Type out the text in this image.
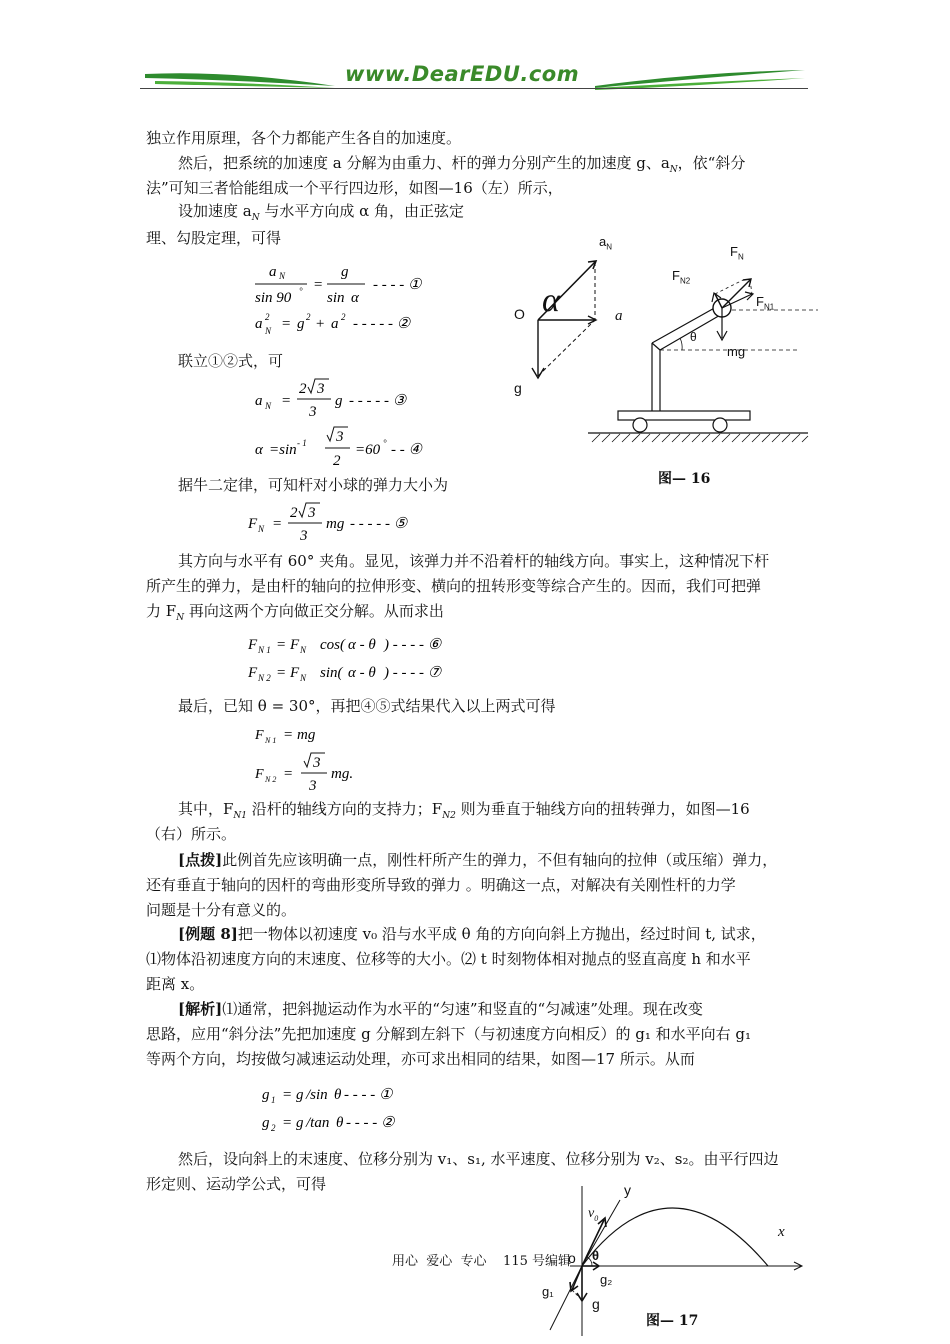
www.DearEDU.com
独立作用原理，各个力都能产生各自的加速度。
然后，把系统的加速度 a 分解为由重力、杆的弹力分别产生的加速度 g、$a_N$，依“斜分
法”可知三者恰能组成一个平行四边形，如图—16（左）所示，
设加速度 $a_N$ 与水平方向成 α 角，由正弦定
理、勾股定理，可得
a N
sin 90 ° =
g
sin α
- - - - ①
a 2
N = g 2 + a 2 - - - - - ②
联立①②式，可
a N =
2 3
3
g - - - - - ③
α =sin - 1 3
2
=60 ° - - ④
据牛二定律，可知杆对小球的弹力大小为
F N =
2 3
3
mg - - - - - ⑤
其方向与水平有 60° 夹角。显见，该弹力并不沿着杆的轴线方向。事实上，这种情况下杆
所产生的弹力，是由杆的轴向的拉伸形变、横向的扭转形变等综合产生的。因而，我们可把弹
力 $F_N$ 再向这两个方向做正交分解。从而求出
F N 1 = F N cos( α - θ ) - - - - ⑥
F N 2 = F N sin( α - θ ) - - - - ⑦
最后，已知 θ = 30°，再把④⑤式结果代入以上两式可得
F N 1 = mg
F N 2 =
3
3
mg.
其中，$F_{N1}$ 沿杆的轴线方向的支持力；$F_{N2}$ 则为垂直于轴线方向的扭转弹力，如图—16
（右）所示。
[点拨]此例首先应该明确一点，刚性杆所产生的弹力，不但有轴向的拉伸（或压缩）弹力，
还有垂直于轴向的因杆的弯曲形变所导致的弹力 。明确这一点，对解决有关刚性杆的力学
问题是十分有意义的。
[例题 8]把一物体以初速度 v₀ 沿与水平成 θ 角的方向向斜上方抛出，经过时间 t, 试求，
⑴物体沿初速度方向的末速度、位移等的大小。⑵ t 时刻物体相对抛点的竖直高度 h 和水平
距离 x。
[解析]⑴通常，把斜抛运动作为水平的“匀速”和竖直的“匀减速”处理。现在改变
思路，应用“斜分法”先把加速度 g 分解到左斜下（与初速度方向相反）的 g₁ 和水平向右 g₁
等两个方向，均按做匀减速运动处理，亦可求出相同的结果，如图—17 所示。从而
g 1 = g /sin θ - - - - ①
g 2 = g /tan θ - - - - ②
然后，设向斜上的末速度、位移分别为 v₁、s₁, 水平速度、位移分别为 v₂、s₂。由平行四边
形定则、运动学公式，可得
$a_N$
O α	a
g
$F_N$
$F_{N2}$
$F_{N1}$
θ
mg
图— 16
y
$v_0$
x
o θ
g₂
g₁
g
图— 17
用心  爱心  专心    115 号编辑
